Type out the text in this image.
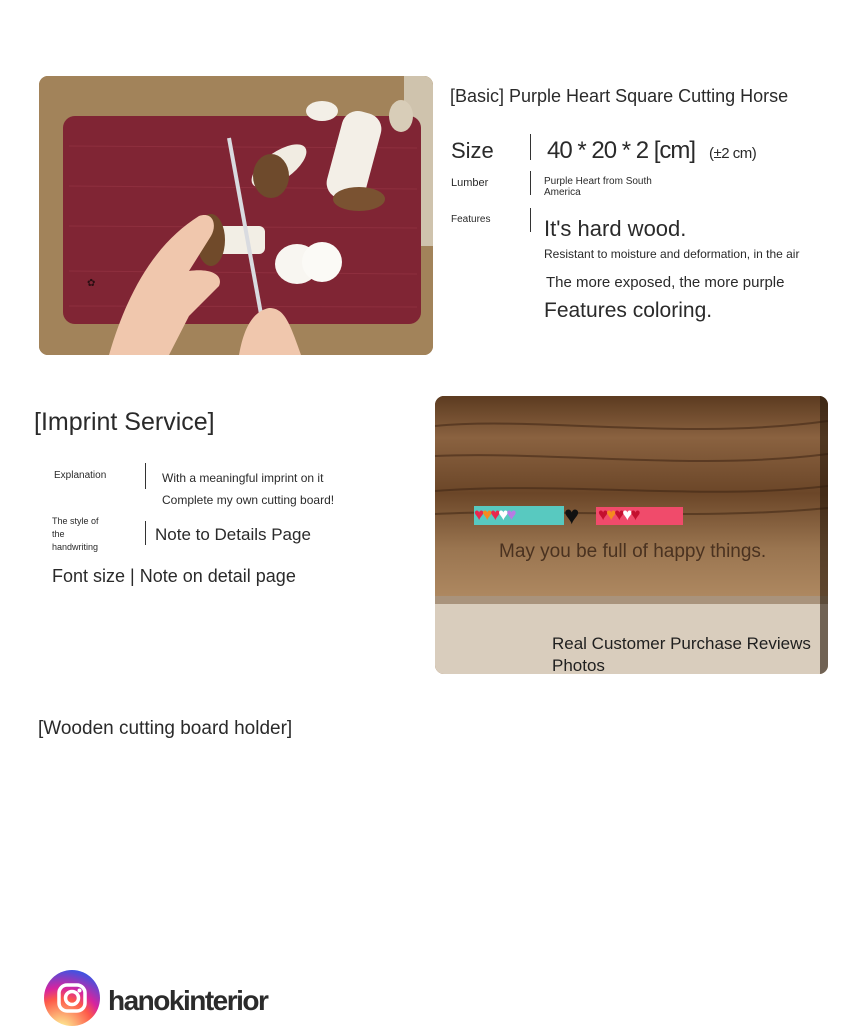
✿
[Basic] Purple Heart Square Cutting Horse
Size 40 * 20 * 2 [cm] (±2 cm)
Lumber	Purple Heart from South
America
Features It's hard wood.
Resistant to moisture and deformation, in the air
The more exposed, the more purple
Features coloring.
[Imprint Service]
Explanation	With a meaningful imprint on it
Complete my own cutting board!
The style of
the
handwriting
Note to Details Page
Font size | Note on detail page
♥♥♥♥♥ ♥ ♥♥♥♥♥
May you be full of happy things.
Real Customer Purchase Reviews Photos
[Wooden cutting board holder]
hanokinterior
